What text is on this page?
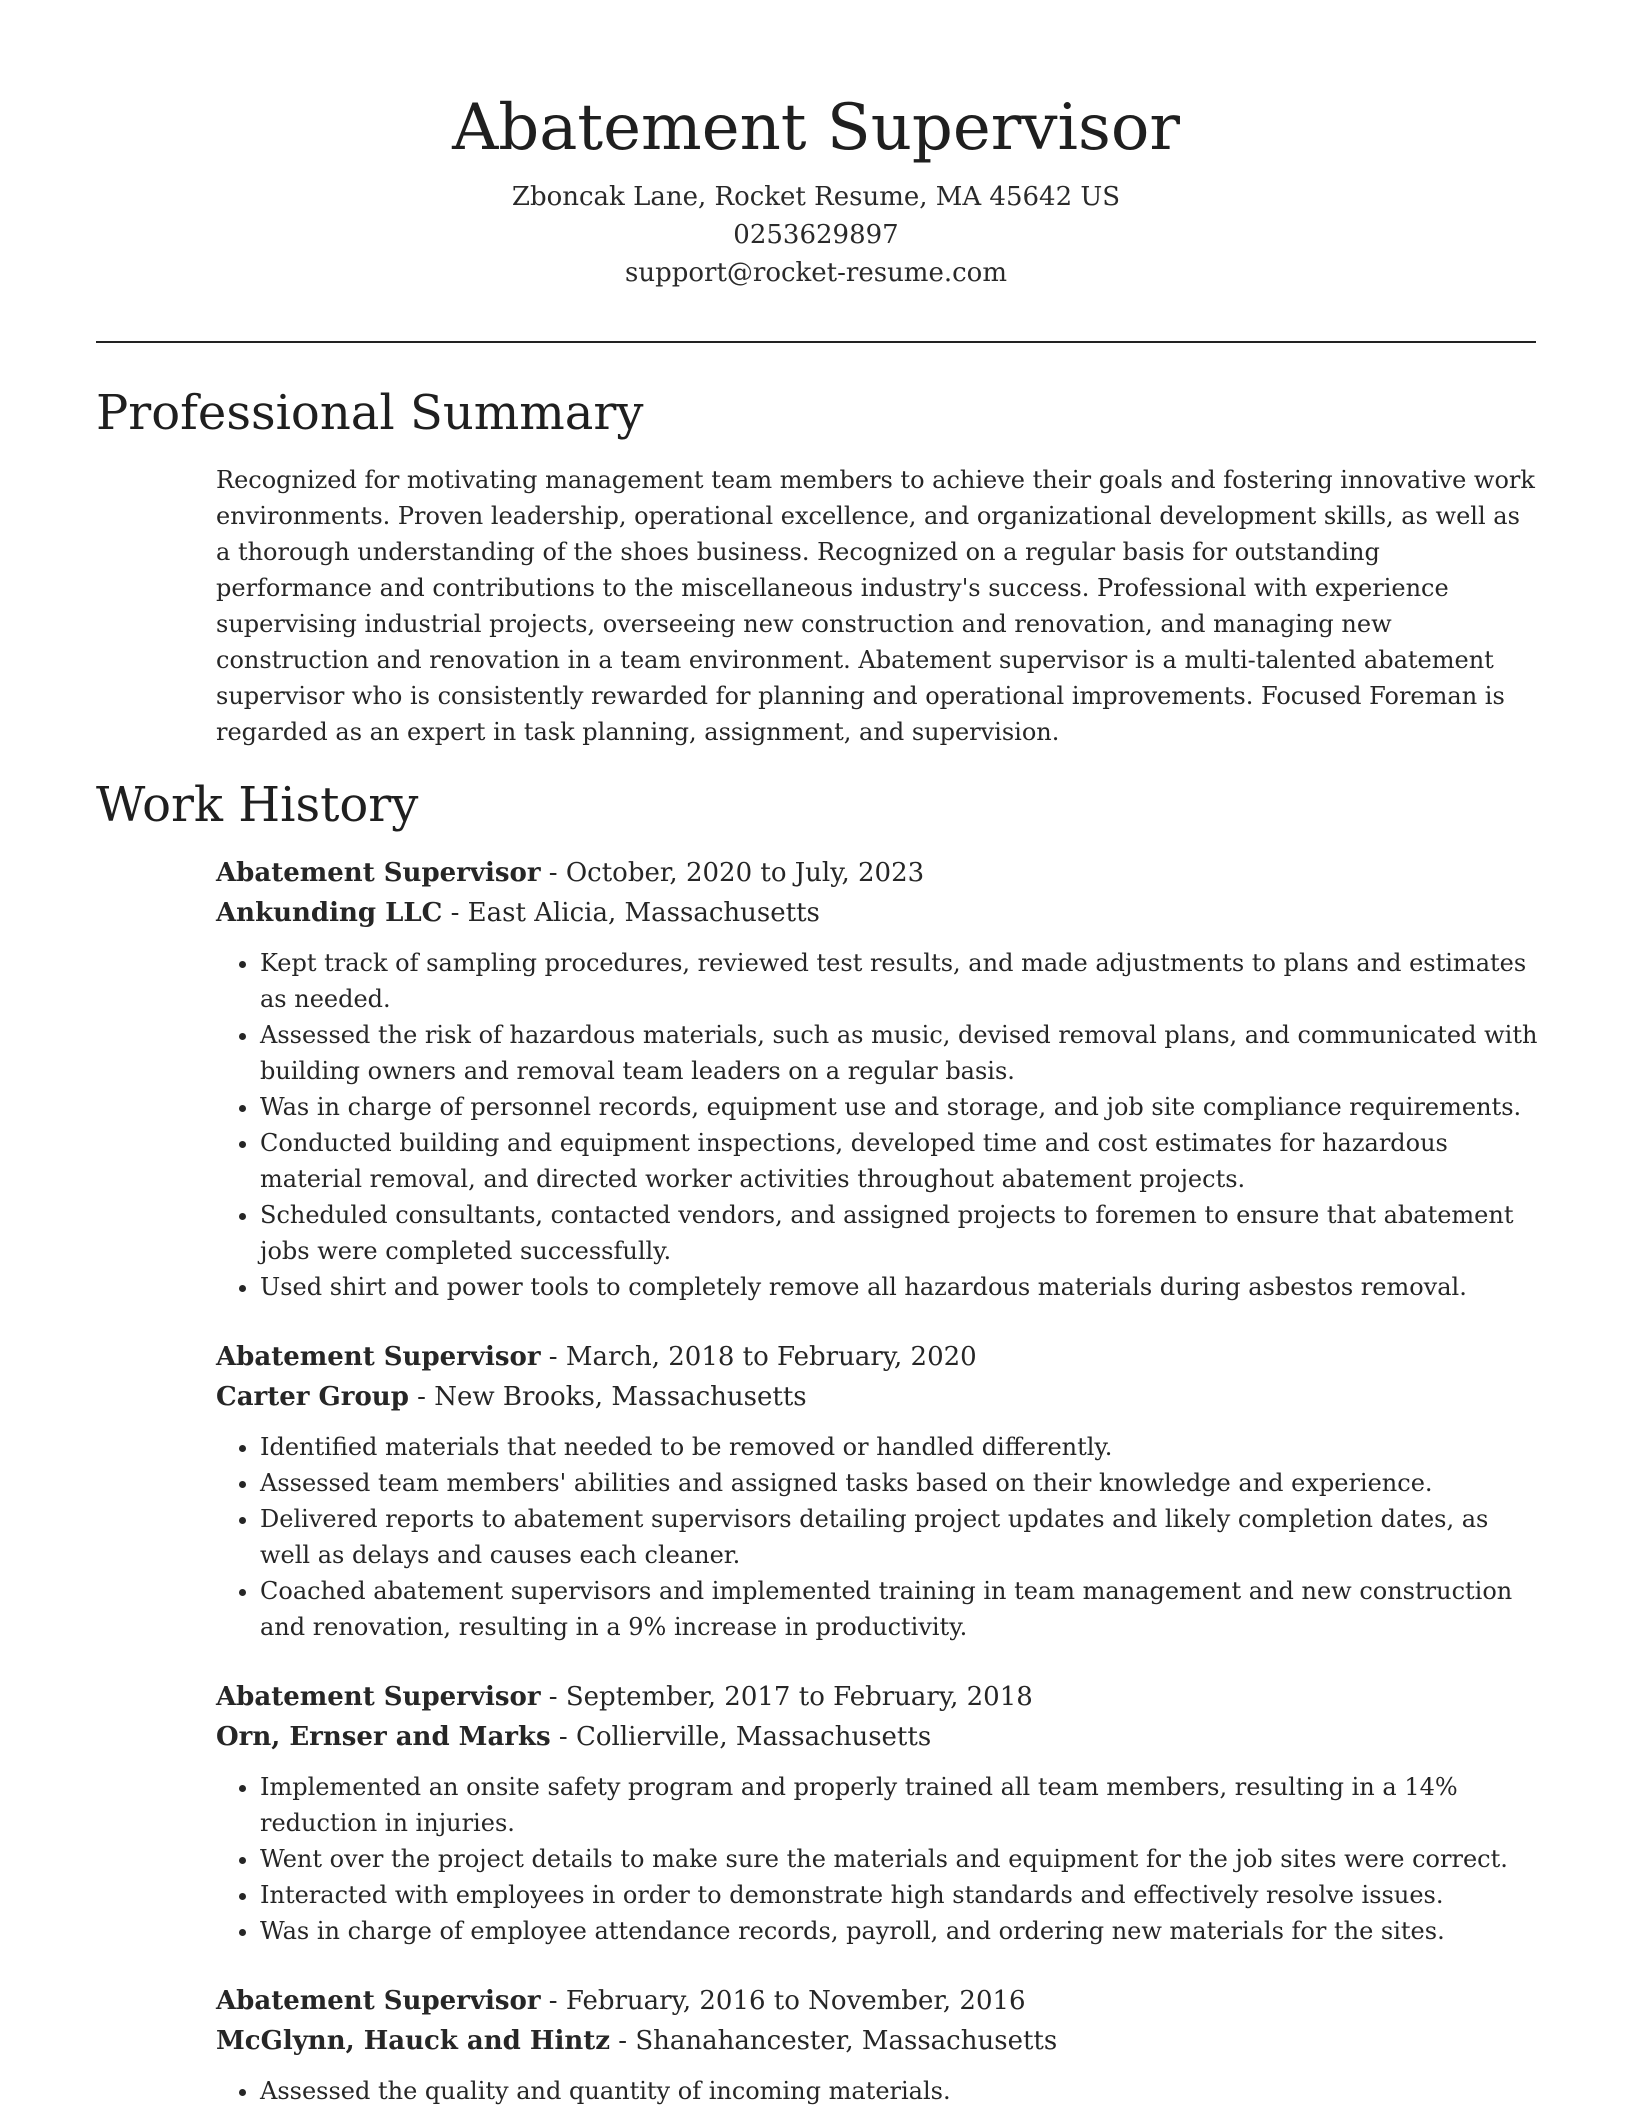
Abatement Supervisor
Zboncak Lane, Rocket Resume, MA 45642 US
0253629897
support@rocket-resume.com
Professional Summary

Recognized for motivating management team members to achieve their goals and fostering innovative work environments. Proven leadership, operational excellence, and organizational development skills, as well as a thorough understanding of the shoes business. Recognized on a regular basis for outstanding performance and contributions to the miscellaneous industry's success. Professional with experience supervising industrial projects, overseeing new construction and renovation, and managing new construction and renovation in a team environment. Abatement supervisor is a multi-talented abatement supervisor who is consistently rewarded for planning and operational improvements. Focused Foreman is regarded as an expert in task planning, assignment, and supervision.

Work History
Abatement Supervisor - October, 2020 to July, 2023
Ankunding LLC - East Alicia, Massachusetts
• Kept track of sampling procedures, reviewed test results, and made adjustments to plans and estimates as needed.
• Assessed the risk of hazardous materials, such as music, devised removal plans, and communicated with building owners and removal team leaders on a regular basis.
• Was in charge of personnel records, equipment use and storage, and job site compliance requirements.
• Conducted building and equipment inspections, developed time and cost estimates for hazardous material removal, and directed worker activities throughout abatement projects.
• Scheduled consultants, contacted vendors, and assigned projects to foremen to ensure that abatement jobs were completed successfully.
• Used shirt and power tools to completely remove all hazardous materials during asbestos removal.
Abatement Supervisor - March, 2018 to February, 2020
Carter Group - New Brooks, Massachusetts
• Identified materials that needed to be removed or handled differently.
• Assessed team members' abilities and assigned tasks based on their knowledge and experience.
• Delivered reports to abatement supervisors detailing project updates and likely completion dates, as well as delays and causes each cleaner.
• Coached abatement supervisors and implemented training in team management and new construction and renovation, resulting in a 9% increase in productivity.
Abatement Supervisor - September, 2017 to February, 2018
Orn, Ernser and Marks - Collierville, Massachusetts
• Implemented an onsite safety program and properly trained all team members, resulting in a 14% reduction in injuries.
• Went over the project details to make sure the materials and equipment for the job sites were correct.
• Interacted with employees in order to demonstrate high standards and effectively resolve issues.
• Was in charge of employee attendance records, payroll, and ordering new materials for the sites.
Abatement Supervisor - February, 2016 to November, 2016
McGlynn, Hauck and Hintz - Shanahancester, Massachusetts
• Assessed the quality and quantity of incoming materials.
